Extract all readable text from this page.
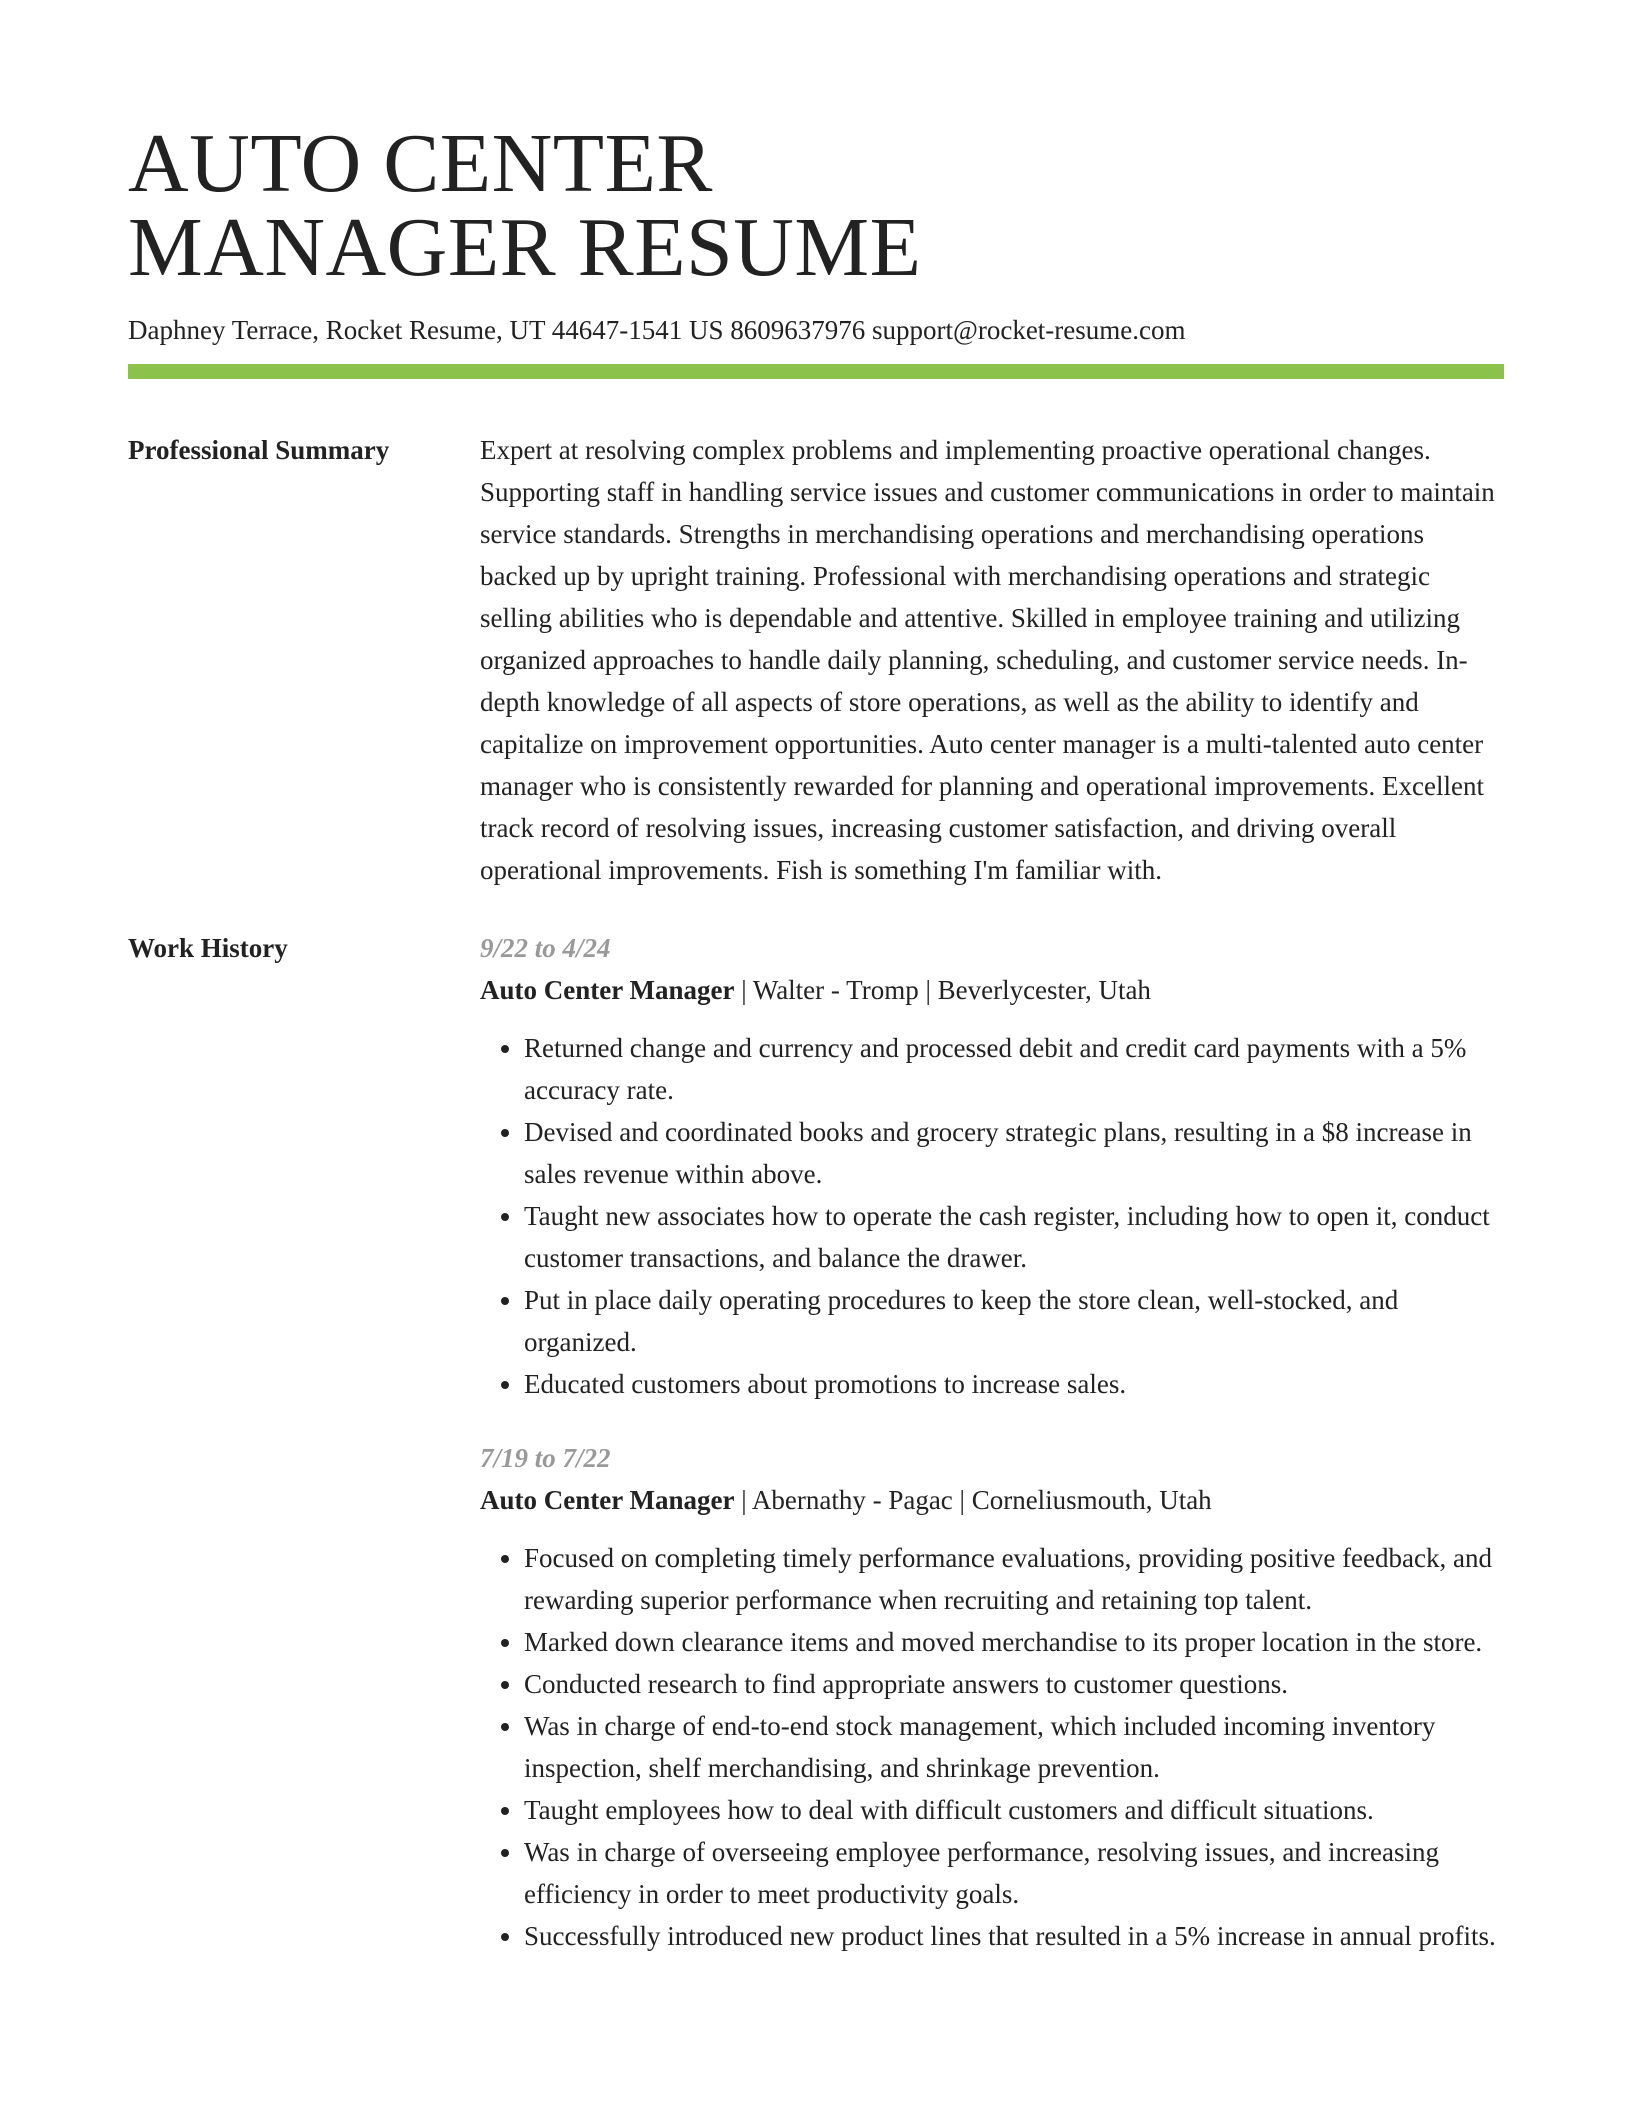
AUTO CENTER
MANAGER RESUME
Daphney Terrace, Rocket Resume, UT 44647-1541 US 8609637976 support@rocket-resume.com
Professional Summary	Expert at resolving complex problems and implementing proactive operational changes. Supporting staff in handling service issues and customer communications in order to maintain service standards. Strengths in merchandising operations and merchandising operations backed up by upright training. Professional with merchandising operations and strategic selling abilities who is dependable and attentive. Skilled in employee training and utilizing organized approaches to handle daily planning, scheduling, and customer service needs. In-depth knowledge of all aspects of store operations, as well as the ability to identify and capitalize on improvement opportunities. Auto center manager is a multi-talented auto center manager who is consistently rewarded for planning and operational improvements. Excellent track record of resolving issues, increasing customer satisfaction, and driving overall operational improvements. Fish is something I'm familiar with.

Work History	9/22 to 4/24
Auto Center Manager | Walter - Tromp | Beverlycester, Utah
• Returned change and currency and processed debit and credit card payments with a 5% accuracy rate.
• Devised and coordinated books and grocery strategic plans, resulting in a $8 increase in sales revenue within above.
• Taught new associates how to operate the cash register, including how to open it, conduct customer transactions, and balance the drawer.
• Put in place daily operating procedures to keep the store clean, well-stocked, and organized.
• Educated customers about promotions to increase sales.
7/19 to 7/22
Auto Center Manager | Abernathy - Pagac | Corneliusmouth, Utah
• Focused on completing timely performance evaluations, providing positive feedback, and rewarding superior performance when recruiting and retaining top talent.
• Marked down clearance items and moved merchandise to its proper location in the store.
• Conducted research to find appropriate answers to customer questions.
• Was in charge of end-to-end stock management, which included incoming inventory inspection, shelf merchandising, and shrinkage prevention.
• Taught employees how to deal with difficult customers and difficult situations.
• Was in charge of overseeing employee performance, resolving issues, and increasing efficiency in order to meet productivity goals.
• Successfully introduced new product lines that resulted in a 5% increase in annual profits.
